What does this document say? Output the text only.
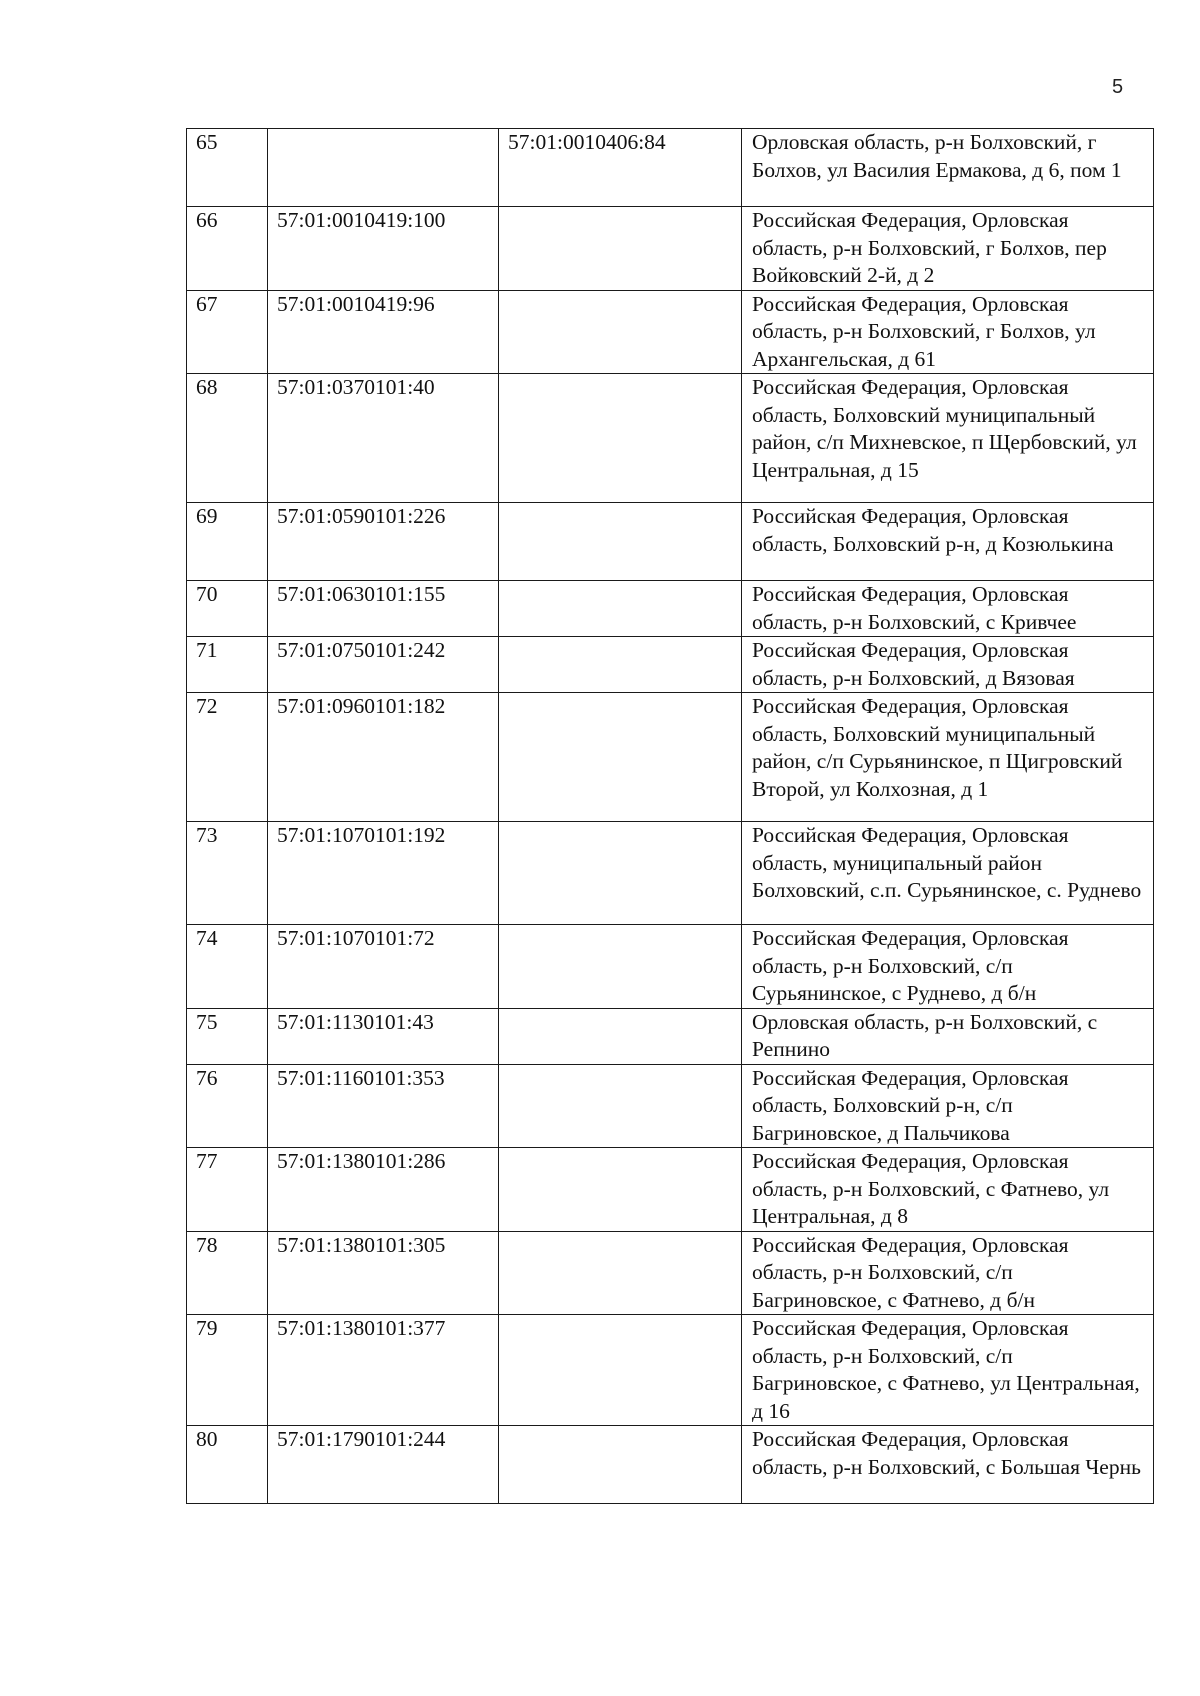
5
65		57:01:0010406:84	Орловская область, р-н Болховский, г Болхов, ул Василия Ермакова, д 6, пом 1
66	57:01:0010419:100		Российская Федерация, Орловская область, р-н Болховский, г Болхов, пер Войковский 2-й, д 2
67	57:01:0010419:96		Российская Федерация, Орловская область, р-н Болховский, г Болхов, ул Архангельская, д 61
68	57:01:0370101:40		Российская Федерация, Орловская область, Болховский муниципальный район, с/п Михневское, п Щербовский, ул Центральная, д 15
69	57:01:0590101:226		Российская Федерация, Орловская область, Болховский р-н, д Козюлькина
70	57:01:0630101:155		Российская Федерация, Орловская область, р-н Болховский, с Кривчее
71	57:01:0750101:242		Российская Федерация, Орловская область, р-н Болховский, д Вязовая
72	57:01:0960101:182		Российская Федерация, Орловская область, Болховский муниципальный район, с/п Сурьянинское, п Щигровский Второй, ул Колхозная, д 1
73	57:01:1070101:192		Российская Федерация, Орловская область, муниципальный район Болховский, с.п. Сурьянинское, с. Руднево
74	57:01:1070101:72		Российская Федерация, Орловская область, р-н Болховский, с/п Сурьянинское, с Руднево, д б/н
75	57:01:1130101:43		Орловская область, р-н Болховский, с Репнино
76	57:01:1160101:353		Российская Федерация, Орловская область, Болховский р-н, с/п Багриновское, д Пальчикова
77	57:01:1380101:286		Российская Федерация, Орловская область, р-н Болховский, с Фатнево, ул Центральная, д 8
78	57:01:1380101:305		Российская Федерация, Орловская область, р-н Болховский, с/п Багриновское, с Фатнево, д б/н
79	57:01:1380101:377		Российская Федерация, Орловская область, р-н Болховский, с/п Багриновское, с Фатнево, ул Центральная, д 16
80	57:01:1790101:244		Российская Федерация, Орловская область, р-н Болховский, с Большая Чернь
